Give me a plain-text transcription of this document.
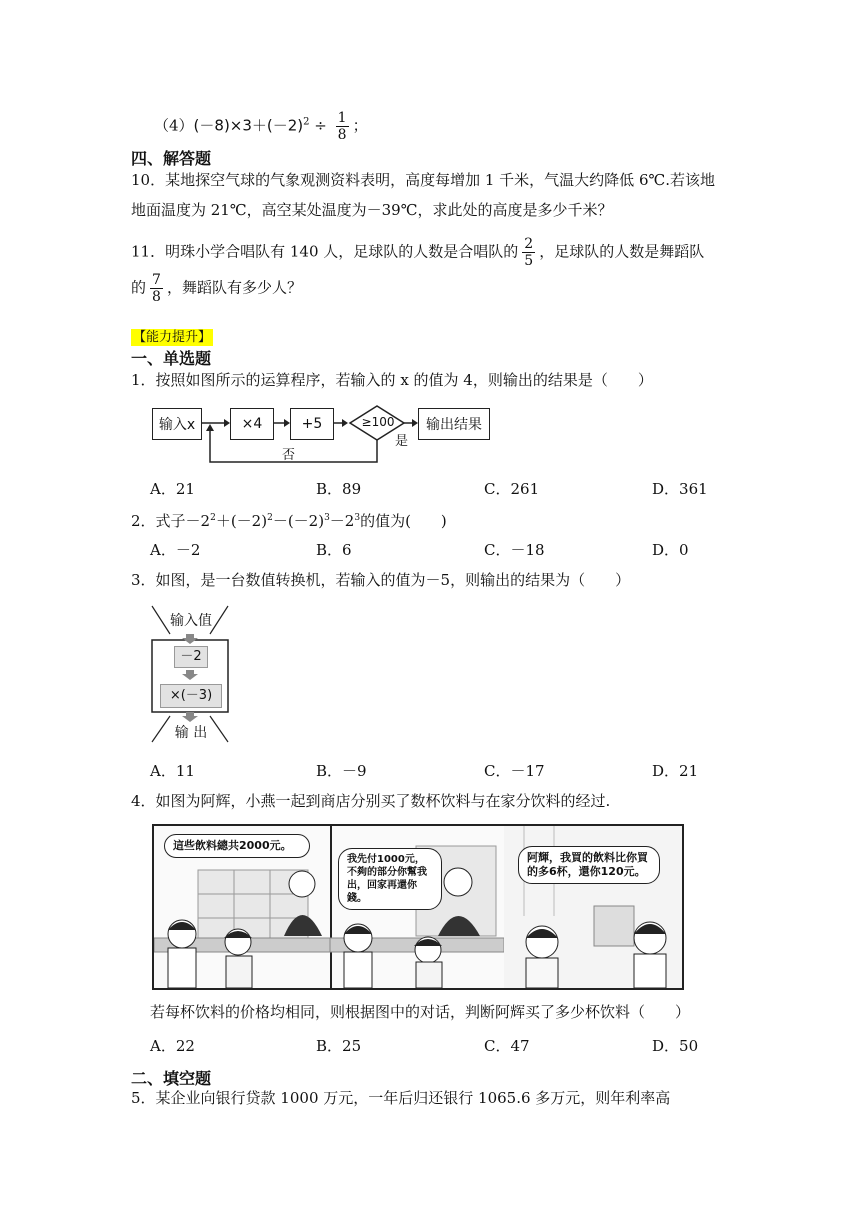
$(4)(-8)\times 3+(-2)^2 \div \frac{1}{8}$ ；
四、解答题
10．某地探空气球的气象观测资料表明，高度每增加 1 千米，气温大约降低 6℃.若该地
地面温度为 21℃，高空某处温度为－39℃，求此处的高度是多少千米？
11．明珠小学合唱队有 140 人，足球队的人数是合唱队的 $\frac{2}{5}$ ，足球队的人数是舞蹈队
的 $\frac{7}{8}$ ，舞蹈队有多少人？
【能力提升】
一、单选题
1．按照如图所示的运算程序，若输入的 x 的值为 4，则输出的结果是（　　）
输入x	×4	+5	≥100 输出结果
是
否
A．21	B．89	C．261	D．361
2．式子$-2^2+(-2)^2-(-2)^3-2^3$的值为(　　)
A．－2	B．6	C．－18	D．0
3．如图，是一台数值转换机，若输入的值为－5，则输出的结果为（　　）
输入值
－2
×(－3)
输 出
A．11	B．－9	C．－17	D．21
4．如图为阿辉，小燕一起到商店分别买了数杯饮料与在家分饮料的经过.
這些飲料總共2000元。
我先付1000元，不夠的部分你幫我出，回家再還你錢。
阿輝，我買的飲料比你買的多6杯，還你120元。
若每杯饮料的价格均相同，则根据图中的对话，判断阿辉买了多少杯饮料（　　）
A．22	B．25	C．47	D．50
二、填空题
5．某企业向银行贷款 1000 万元，一年后归还银行 1065.6 多万元，则年利率高
